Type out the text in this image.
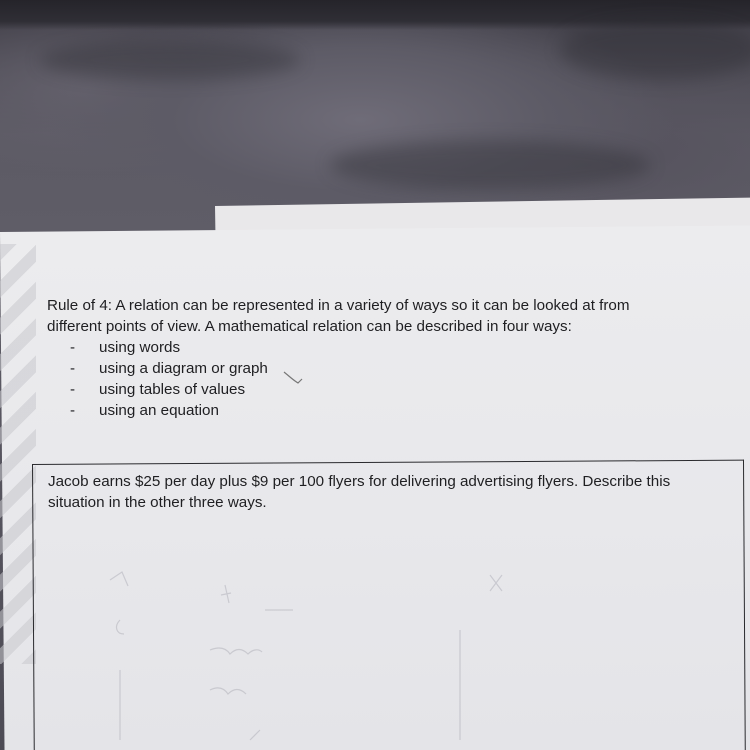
Rule of 4: A relation can be represented in a variety of ways so it can be looked at from
different points of view. A mathematical relation can be described in four ways:
- using words
- using a diagram or graph
- using tables of values
- using an equation
Jacob earns $25 per day plus $9 per 100 flyers for delivering advertising flyers. Describe this
situation in the other three ways.
